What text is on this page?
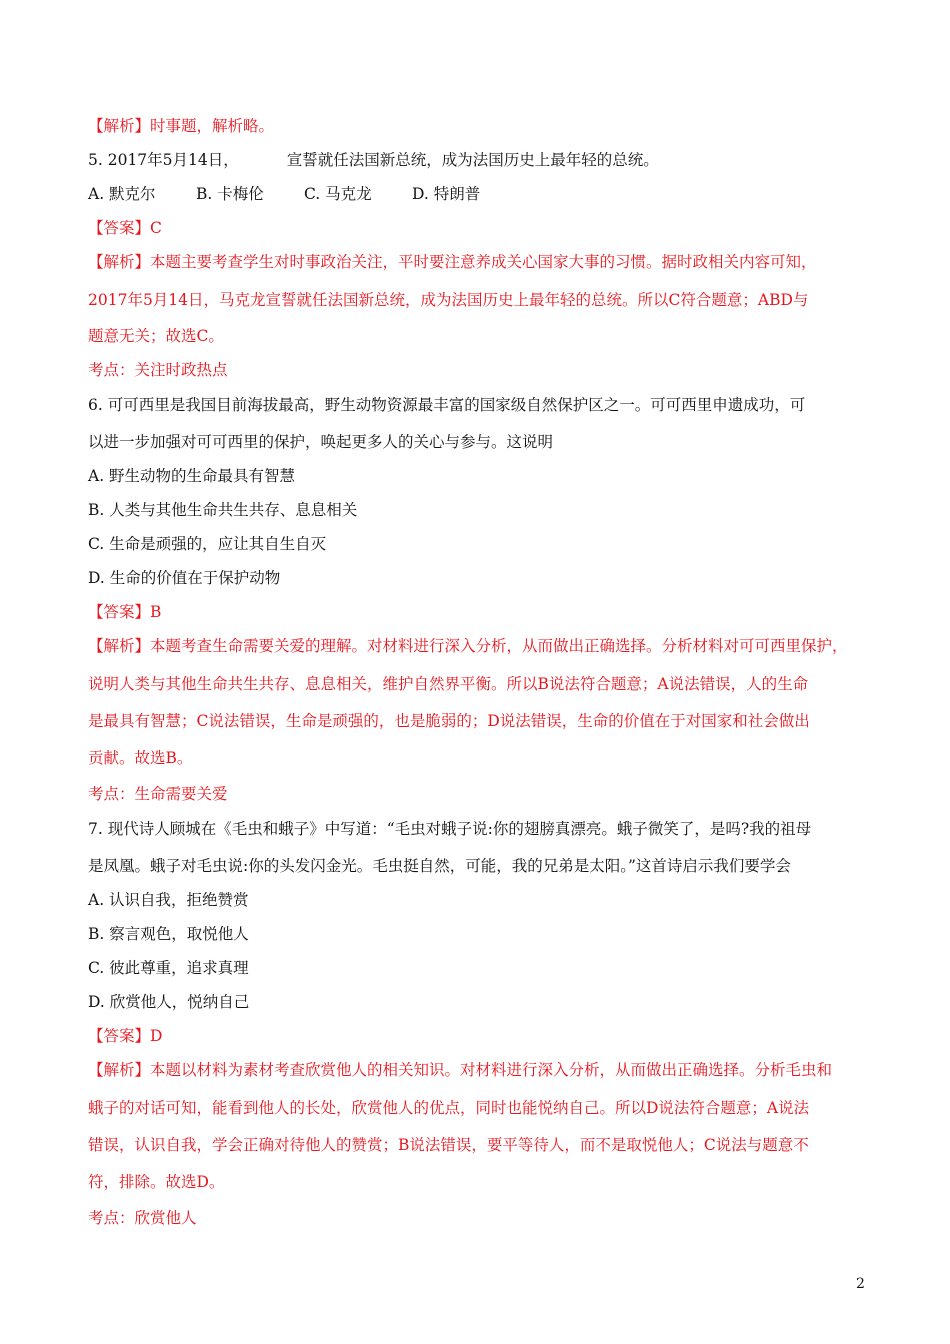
【解析】时事题，解析略。
5. 2017年5月14日，	宣誓就任法国新总统，成为法国历史上最年轻的总统。
A. 默克尔	B. 卡梅伦	C. 马克龙	D. 特朗普
【答案】C
【解析】本题主要考查学生对时事政治关注，平时要注意养成关心国家大事的习惯。据时政相关内容可知，
2017年5月14日，马克龙宣誓就任法国新总统，成为法国历史上最年轻的总统。所以C符合题意；ABD与
题意无关；故选C。
考点：关注时政热点
6. 可可西里是我国目前海拔最高，野生动物资源最丰富的国家级自然保护区之一。可可西里申遗成功，可
以进一步加强对可可西里的保护，唤起更多人的关心与参与。这说明
A. 野生动物的生命最具有智慧
B. 人类与其他生命共生共存、息息相关
C. 生命是顽强的，应让其自生自灭
D. 生命的价值在于保护动物
【答案】B
【解析】本题考查生命需要关爱的理解。对材料进行深入分析，从而做出正确选择。分析材料对可可西里保护，
说明人类与其他生命共生共存、息息相关，维护自然界平衡。所以B说法符合题意；A说法错误，人的生命
是最具有智慧；C说法错误，生命是顽强的，也是脆弱的；D说法错误，生命的价值在于对国家和社会做出
贡献。故选B。
考点：生命需要关爱
7. 现代诗人顾城在《毛虫和蛾子》中写道：“毛虫对蛾子说:你的翅膀真漂亮。蛾子微笑了，是吗?我的祖母
是凤凰。蛾子对毛虫说:你的头发闪金光。毛虫挺自然，可能，我的兄弟是太阳。”这首诗启示我们要学会
A. 认识自我，拒绝赞赏
B. 察言观色，取悦他人
C. 彼此尊重，追求真理
D. 欣赏他人，悦纳自己
【答案】D
【解析】本题以材料为素材考查欣赏他人的相关知识。对材料进行深入分析，从而做出正确选择。分析毛虫和
蛾子的对话可知，能看到他人的长处，欣赏他人的优点，同时也能悦纳自己。所以D说法符合题意；A说法
错误，认识自我，学会正确对待他人的赞赏；B说法错误，要平等待人，而不是取悦他人；C说法与题意不
符，排除。故选D。
考点：欣赏他人
2
